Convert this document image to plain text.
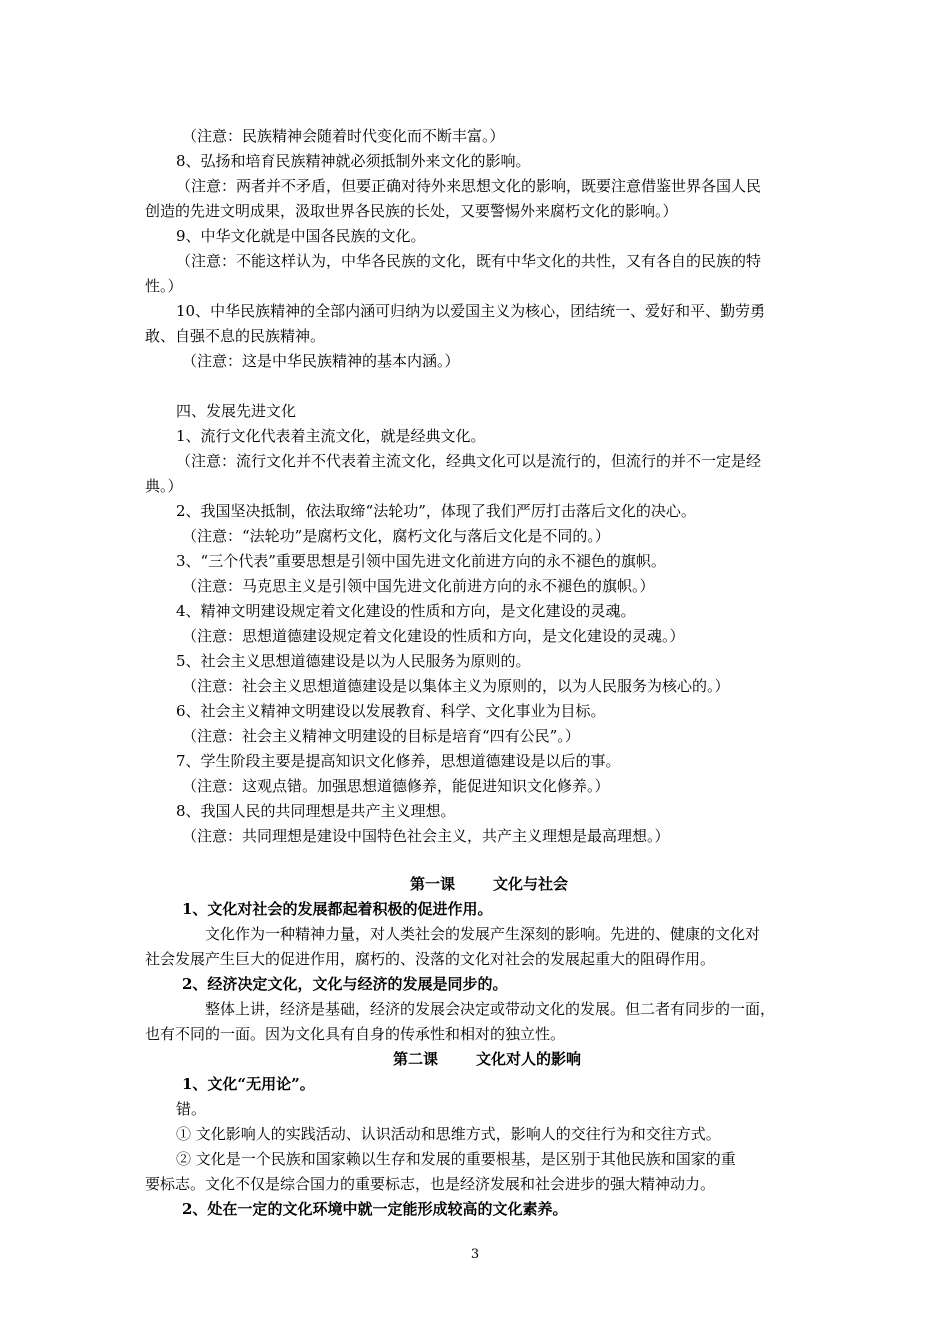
（注意：民族精神会随着时代变化而不断丰富。）
8、弘扬和培育民族精神就必须抵制外来文化的影响。
（注意：两者并不矛盾，但要正确对待外来思想文化的影响，既要注意借鉴世界各国人民
创造的先进文明成果，汲取世界各民族的长处，又要警惕外来腐朽文化的影响。）
9、中华文化就是中国各民族的文化。
（注意：不能这样认为，中华各民族的文化，既有中华文化的共性，又有各自的民族的特
性。）
10、中华民族精神的全部内涵可归纳为以爱国主义为核心，团结统一、爱好和平、勤劳勇
敢、自强不息的民族精神。
（注意：这是中华民族精神的基本内涵。）
四、发展先进文化
1、流行文化代表着主流文化，就是经典文化。
（注意：流行文化并不代表着主流文化，经典文化可以是流行的，但流行的并不一定是经
典。）
2、我国坚决抵制，依法取缔“法轮功”，体现了我们严厉打击落后文化的决心。
（注意：“法轮功”是腐朽文化，腐朽文化与落后文化是不同的。）
3、“三个代表”重要思想是引领中国先进文化前进方向的永不褪色的旗帜。
（注意：马克思主义是引领中国先进文化前进方向的永不褪色的旗帜。）
4、精神文明建设规定着文化建设的性质和方向，是文化建设的灵魂。
（注意：思想道德建设规定着文化建设的性质和方向，是文化建设的灵魂。）
5、社会主义思想道德建设是以为人民服务为原则的。
（注意：社会主义思想道德建设是以集体主义为原则的，以为人民服务为核心的。）
6、社会主义精神文明建设以发展教育、科学、文化事业为目标。
（注意：社会主义精神文明建设的目标是培育“四有公民”。）
7、学生阶段主要是提高知识文化修养，思想道德建设是以后的事。
（注意：这观点错。加强思想道德修养，能促进知识文化修养。）
8、我国人民的共同理想是共产主义理想。
（注意：共同理想是建设中国特色社会主义，共产主义理想是最高理想。）
第一课	文化与社会
1、文化对社会的发展都起着积极的促进作用。
文化作为一种精神力量，对人类社会的发展产生深刻的影响。先进的、健康的文化对
社会发展产生巨大的促进作用，腐朽的、没落的文化对社会的发展起重大的阻碍作用。
2、经济决定文化，文化与经济的发展是同步的。
整体上讲，经济是基础，经济的发展会决定或带动文化的发展。但二者有同步的一面，
也有不同的一面。因为文化具有自身的传承性和相对的独立性。
第二课	文化对人的影响
1、文化“无用论”。
错。
① 文化影响人的实践活动、认识活动和思维方式，影响人的交往行为和交往方式。
② 文化是一个民族和国家赖以生存和发展的重要根基，是区别于其他民族和国家的重
要标志。文化不仅是综合国力的重要标志，也是经济发展和社会进步的强大精神动力。
2、处在一定的文化环境中就一定能形成较高的文化素养。
3
